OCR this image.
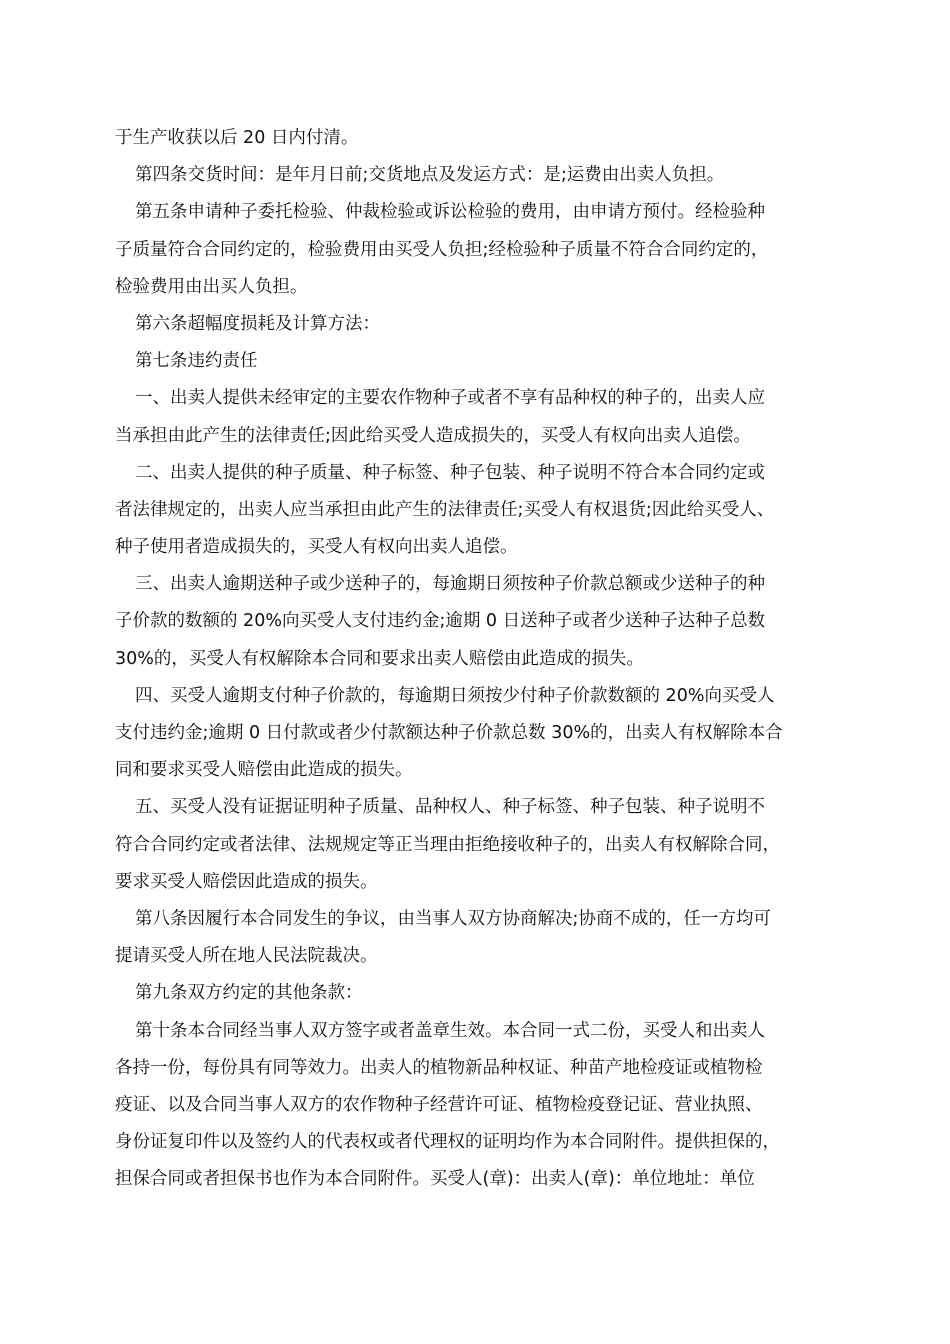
于生产收获以后 20 日内付清。
第四条交货时间：是年月日前;交货地点及发运方式：是;运费由出卖人负担。
第五条申请种子委托检验、仲裁检验或诉讼检验的费用，由申请方预付。经检验种
子质量符合合同约定的，检验费用由买受人负担;经检验种子质量不符合合同约定的，
检验费用由出买人负担。
第六条超幅度损耗及计算方法：
第七条违约责任
一、出卖人提供未经审定的主要农作物种子或者不享有品种权的种子的，出卖人应
当承担由此产生的法律责任;因此给买受人造成损失的，买受人有权向出卖人追偿。
二、出卖人提供的种子质量、种子标签、种子包装、种子说明不符合本合同约定或
者法律规定的，出卖人应当承担由此产生的法律责任;买受人有权退货;因此给买受人、
种子使用者造成损失的，买受人有权向出卖人追偿。
三、出卖人逾期送种子或少送种子的，每逾期日须按种子价款总额或少送种子的种
子价款的数额的 20%向买受人支付违约金;逾期 0 日送种子或者少送种子达种子总数
30%的，买受人有权解除本合同和要求出卖人赔偿由此造成的损失。
四、买受人逾期支付种子价款的，每逾期日须按少付种子价款数额的 20%向买受人
支付违约金;逾期 0 日付款或者少付款额达种子价款总数 30%的，出卖人有权解除本合
同和要求买受人赔偿由此造成的损失。
五、买受人没有证据证明种子质量、品种权人、种子标签、种子包装、种子说明不
符合合同约定或者法律、法规规定等正当理由拒绝接收种子的，出卖人有权解除合同，
要求买受人赔偿因此造成的损失。
第八条因履行本合同发生的争议，由当事人双方协商解决;协商不成的，任一方均可
提请买受人所在地人民法院裁决。
第九条双方约定的其他条款：
第十条本合同经当事人双方签字或者盖章生效。本合同一式二份，买受人和出卖人
各持一份，每份具有同等效力。出卖人的植物新品种权证、种苗产地检疫证或植物检
疫证、以及合同当事人双方的农作物种子经营许可证、植物检疫登记证、营业执照、
身份证复印件以及签约人的代表权或者代理权的证明均作为本合同附件。提供担保的，
担保合同或者担保书也作为本合同附件。买受人(章)：出卖人(章)：单位地址：单位
